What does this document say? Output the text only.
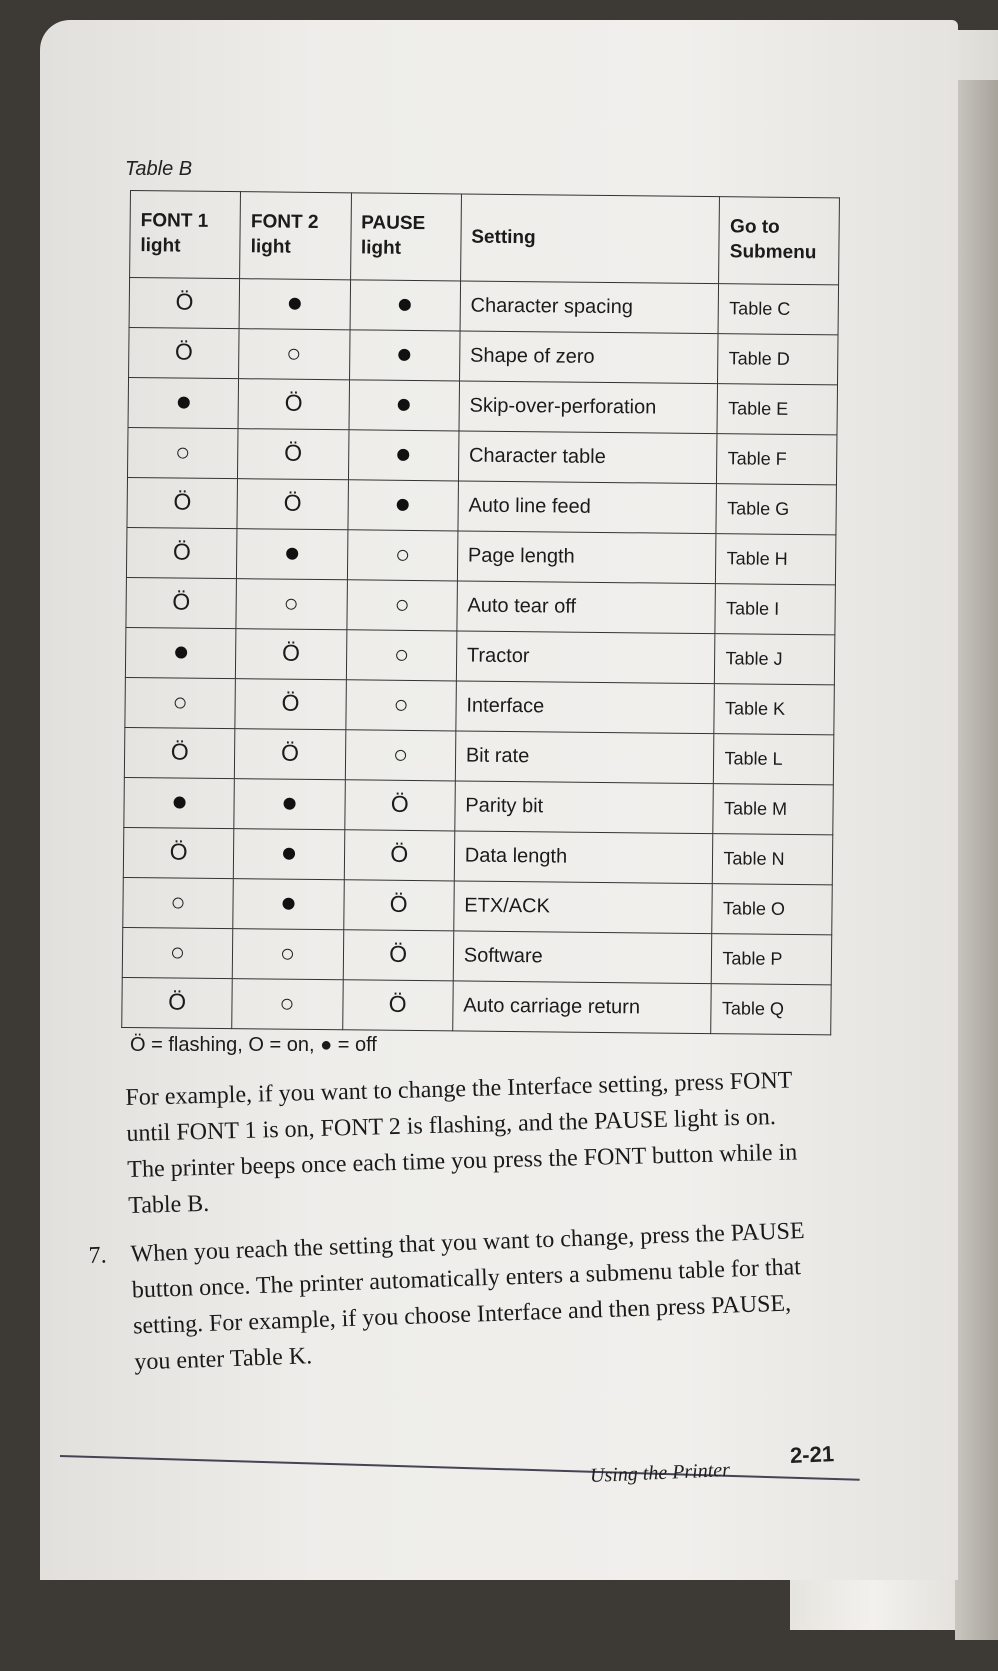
Table B
FONT 1 light	FONT 2 light	PAUSE light	Setting	Go to Submenu
Ö			Character spacing	Table C
Ö			Shape of zero	Table D
	Ö		Skip-over-perforation	Table E
	Ö		Character table	Table F
Ö	Ö		Auto line feed	Table G
Ö			Page length	Table H
Ö			Auto tear off	Table I
	Ö		Tractor	Table J
	Ö		Interface	Table K
Ö	Ö		Bit rate	Table L
		Ö	Parity bit	Table M
Ö		Ö	Data length	Table N
		Ö	ETX/ACK	Table O
		Ö	Software	Table P
Ö		Ö	Auto carriage return	Table Q
Ö = flashing, O = on, ● = off
For example, if you want to change the Interface setting, press FONT until FONT 1 is on, FONT 2 is flashing, and the PAUSE light is on. The printer beeps once each time you press the FONT button while in Table B.
7. When you reach the setting that you want to change, press the PAUSE button once. The printer automatically enters a submenu table for that setting. For example, if you choose Interface and then press PAUSE, you enter Table K.
Using the Printer
2-21
